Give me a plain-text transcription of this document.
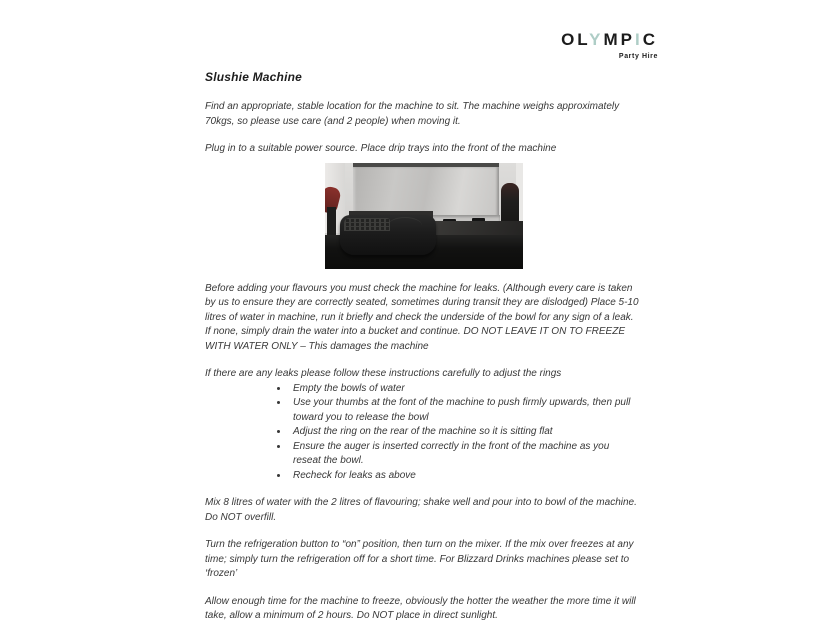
OLYMPIC
Party Hire
Slushie Machine

Find an appropriate, stable location for the machine to sit. The machine weighs approximately 70kgs, so please use care (and 2 people) when moving it.

Plug in to a suitable power source. Place drip trays into the front of the machine

Before adding your flavours you must check the machine for leaks. (Although every care is taken by us to ensure they are correctly seated, sometimes during transit they are dislodged) Place 5-10 litres of water in machine, run it briefly and check the underside of the bowl for any sign of a leak. If none, simply drain the water into a bucket and continue. DO NOT LEAVE IT ON TO FREEZE WITH WATER ONLY – This damages the machine

If there are any leaks please follow these instructions carefully to adjust the rings

• Empty the bowls of water
• Use your thumbs at the font of the machine to push firmly upwards, then pull toward you to release the bowl
• Adjust the ring on the rear of the machine so it is sitting flat
• Ensure the auger is inserted correctly in the front of the machine as you reseat the bowl.
• Recheck for leaks as above

Mix 8 litres of water with the 2 litres of flavouring; shake well and pour into to bowl of the machine. Do NOT overfill.

Turn the refrigeration button to “on” position, then turn on the mixer. If the mix over freezes at any time; simply turn the refrigeration off for a short time. For Blizzard Drinks machines please set to ‘frozen’

Allow enough time for the machine to freeze, obviously the hotter the weather the more time it will take, allow a minimum of 2 hours. Do NOT place in direct sunlight.
